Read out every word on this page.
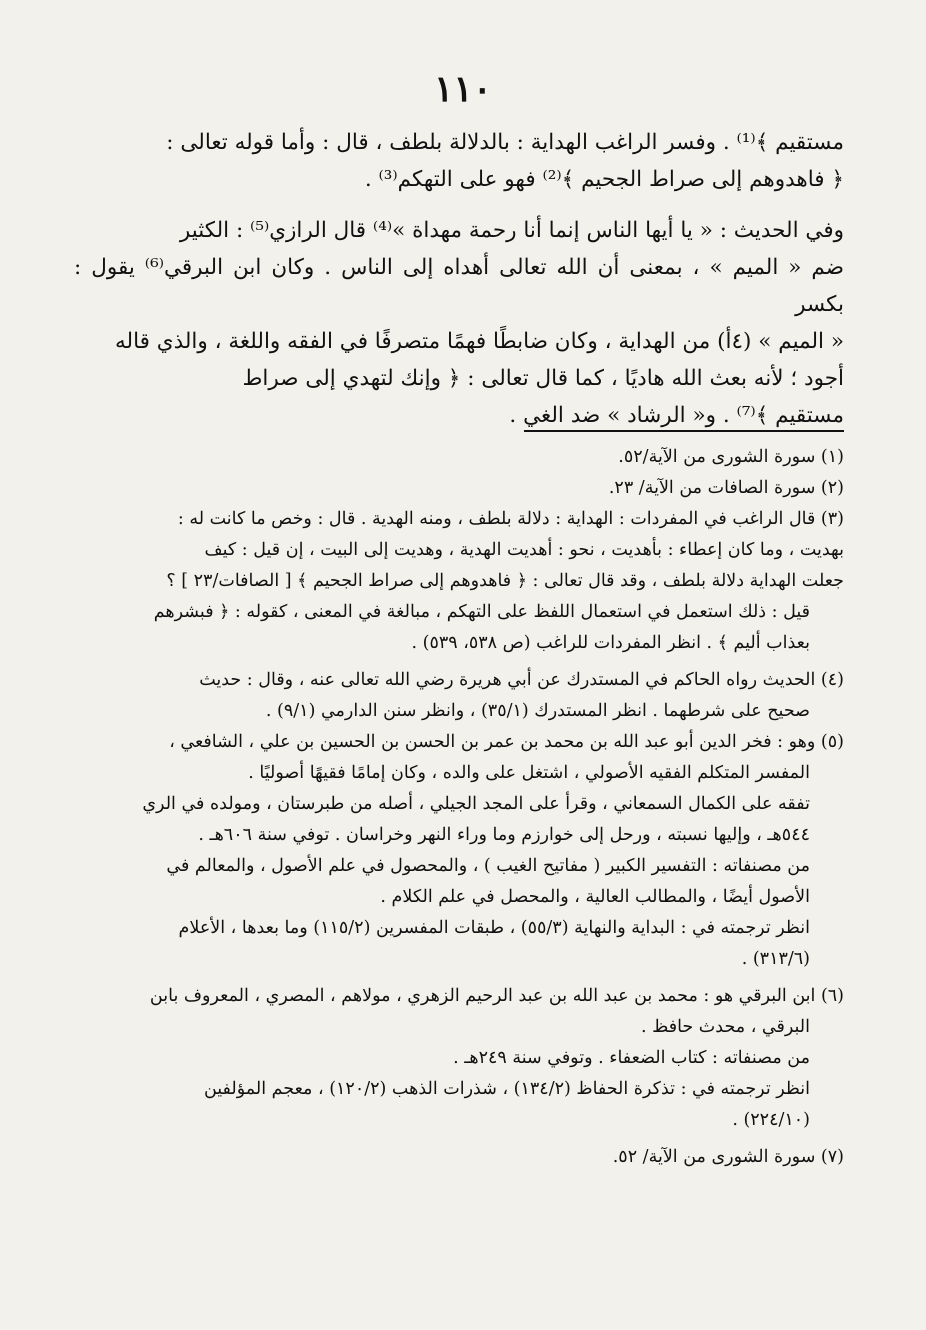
١١٠

مستقيم ﴾⁽¹⁾ . وفسر الراغب الهداية : بالدلالة بلطف ، قال : وأما قوله تعالى :

﴿ فاهدوهم إلى صراط الجحيم ﴾⁽²⁾ فهو على التهكم⁽³⁾ .

وفي الحديث : « يا أيها الناس إنما أنا رحمة مهداة »⁽⁴⁾ قال الرازي⁽⁵⁾ : الكثير

ضم « الميم » ، بمعنى أن الله تعالى أهداه إلى الناس . وكان ابن البرقي⁽⁶⁾ يقول : بكسر

« الميم » (٤أ) من الهداية ، وكان ضابطًا فهمًا متصرفًا في الفقه واللغة ، والذي قاله

أجود ؛ لأنه بعث الله هاديًا ، كما قال تعالى : ﴿ وإنك لتهدي إلى صراط

مستقيم ﴾⁽⁷⁾ . و« الرشاد » ضد الغي .

(١) سورة الشورى من الآية/٥٢.

(٢) سورة الصافات من الآية/ ٢٣.

(٣) قال الراغب في المفردات : الهداية : دلالة بلطف ، ومنه الهدية . قال : وخص ما كانت له :

بهديت ، وما كان إعطاء : بأهديت ، نحو : أهديت الهدية ، وهديت إلى البيت ، إن قيل : كيف

جعلت الهداية دلالة بلطف ، وقد قال تعالى : ﴿ فاهدوهم إلى صراط الجحيم ﴾ [ الصافات/٢٣ ] ؟

قيل : ذلك استعمل في استعمال اللفظ على التهكم ، مبالغة في المعنى ، كقوله : ﴿ فبشرهم

بعذاب أليم ﴾ . انظر المفردات للراغب (ص ٥٣٨، ٥٣٩) .

(٤) الحديث رواه الحاكم في المستدرك عن أبي هريرة رضي الله تعالى عنه ، وقال : حديث

صحيح على شرطهما . انظر المستدرك (٣٥/١) ، وانظر سنن الدارمي (٩/١) .

(٥) وهو : فخر الدين أبو عبد الله بن محمد بن عمر بن الحسن بن الحسين بن علي ، الشافعي ،

المفسر المتكلم الفقيه الأصولي ، اشتغل على والده ، وكان إمامًا فقيهًا أصوليًا .

تفقه على الكمال السمعاني ، وقرأ على المجد الجيلي ، أصله من طبرستان ، ومولده في الري

٥٤٤هـ ، وإليها نسبته ، ورحل إلى خوارزم وما وراء النهر وخراسان . توفي سنة ٦٠٦هـ .

من مصنفاته : التفسير الكبير ( مفاتيح الغيب ) ، والمحصول في علم الأصول ، والمعالم في

الأصول أيضًا ، والمطالب العالية ، والمحصل في علم الكلام .

انظر ترجمته في : البداية والنهاية (٥٥/٣) ، طبقات المفسرين (١١٥/٢) وما بعدها ، الأعلام

(٣١٣/٦) .

(٦) ابن البرقي هو : محمد بن عبد الله بن عبد الرحيم الزهري ، مولاهم ، المصري ، المعروف بابن

البرقي ، محدث حافظ .

من مصنفاته : كتاب الضعفاء . وتوفي سنة ٢٤٩هـ .

انظر ترجمته في : تذكرة الحفاظ (١٣٤/٢) ، شذرات الذهب (١٢٠/٢) ، معجم المؤلفين

(٢٢٤/١٠) .

(٧) سورة الشورى من الآية/ ٥٢.
